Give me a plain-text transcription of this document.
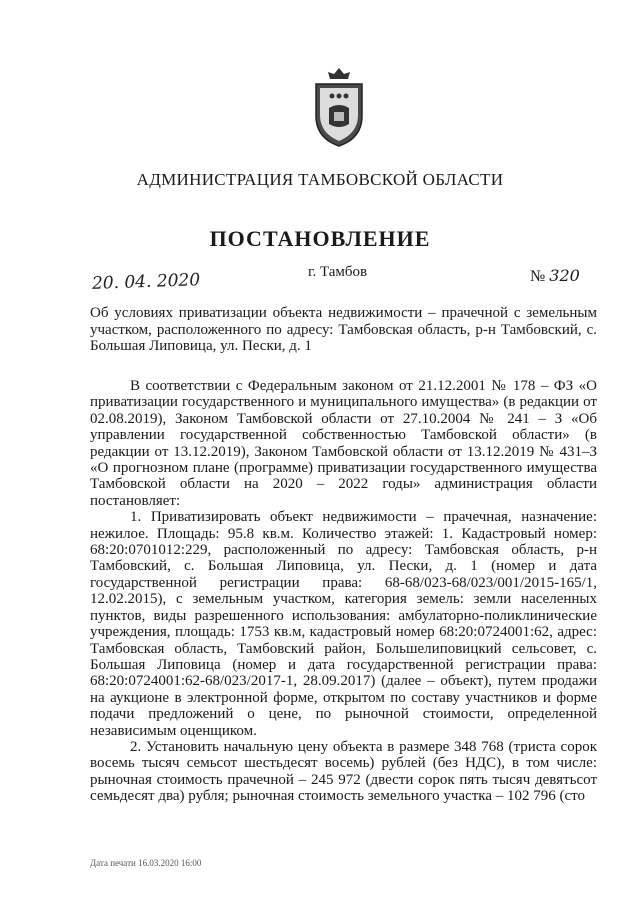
АДМИНИСТРАЦИЯ ТАМБОВСКОЙ ОБЛАСТИ
ПОСТАНОВЛЕНИЕ
20. 04. 2020	г. Тамбов	№ 320
Об условиях приватизации объекта недвижимости – прачечной с земельным участком, расположенного по адресу: Тамбовская область, р-н Тамбовский, с. Большая Липовица, ул. Пески, д. 1

В соответствии с Федеральным законом от 21.12.2001 № 178 – ФЗ «О приватизации государственного и муниципального имущества» (в редакции от 02.08.2019), Законом Тамбовской области от 27.10.2004 № 241 – З «Об управлении государственной собственностью Тамбовской области» (в редакции от 13.12.2019), Законом Тамбовской области от 13.12.2019 № 431–З «О прогнозном плане (программе) приватизации государственного имущества Тамбовской области на 2020 – 2022 годы» администрация области постановляет:

1. Приватизировать объект недвижимости – прачечная, назначение: нежилое. Площадь: 95.8 кв.м. Количество этажей: 1. Кадастровый номер: 68:20:0701012:229, расположенный по адресу: Тамбовская область, р-н Тамбовский, с. Большая Липовица, ул. Пески, д. 1 (номер и дата государственной регистрации права: 68-68/023-68/023/001/2015-165/1, 12.02.2015), с земельным участком, категория земель: земли населенных пунктов, виды разрешенного использования: амбулаторно-поликлинические учреждения, площадь: 1753 кв.м, кадастровый номер 68:20:0724001:62, адрес: Тамбовская область, Тамбовский район, Большелиповицкий сельсовет, с. Большая Липовица (номер и дата государственной регистрации права: 68:20:0724001:62-68/023/2017-1, 28.09.2017) (далее – объект), путем продажи на аукционе в электронной форме, открытом по составу участников и форме подачи предложений о цене, по рыночной стоимости, определенной независимым оценщиком.

2. Установить начальную цену объекта в размере 348 768 (триста сорок восемь тысяч семьсот шестьдесят восемь) рублей (без НДС), в том числе: рыночная стоимость прачечной – 245 972 (двести сорок пять тысяч девятьсот семьдесят два) рубля; рыночная стоимость земельного участка – 102 796 (сто

Дата печати 16.03.2020 16:00
